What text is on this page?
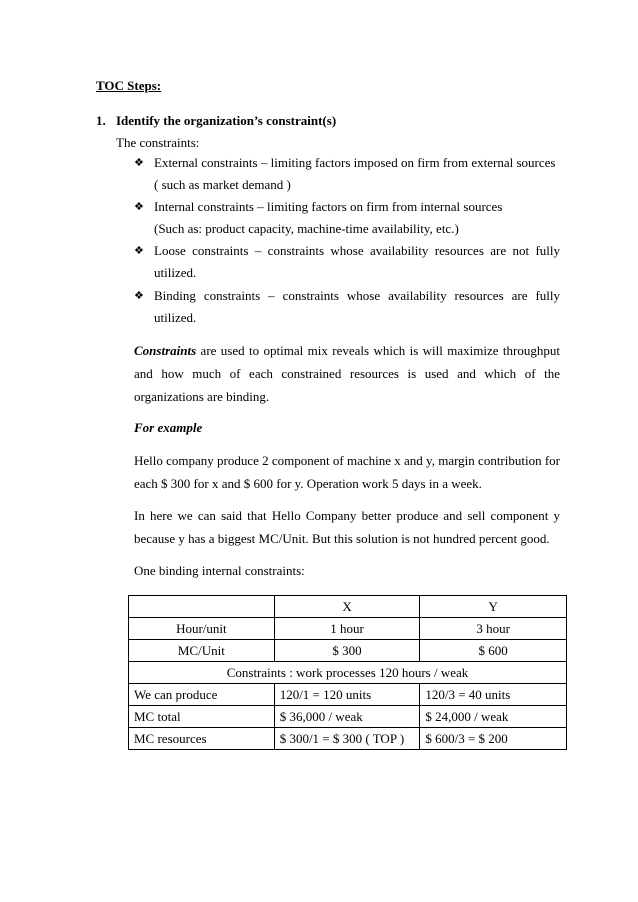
TOC Steps:
1. Identify the organization’s constraint(s)
The constraints:
❖ External constraints – limiting factors imposed on firm from external sources
( such as market demand )
❖ Internal constraints – limiting factors on firm from internal sources
(Such as: product capacity, machine-time availability, etc.)
❖ Loose constraints – constraints whose availability resources are not fully utilized.
❖ Binding constraints – constraints whose availability resources are fully utilized.
Constraints are used to optimal mix reveals which is will maximize throughput and how much of each constrained resources is used and which of the organizations are binding.
For example
Hello company produce 2 component of machine x and y, margin contribution for each $ 300 for x and $ 600 for y. Operation work 5 days in a week.
In here we can said that Hello Company better produce and sell component y because y has a biggest MC/Unit. But this solution is not hundred percent good.
One binding internal constraints:
	X	Y
Hour/unit	1 hour	3 hour
MC/Unit	$ 300	$ 600
Constraints : work processes 120 hours / weak		
We can produce	120/1 = 120 units	120/3 = 40 units
MC total	$ 36,000 / weak	$ 24,000 / weak
MC resources	$ 300/1 = $ 300 ( TOP )	$ 600/3 = $ 200
